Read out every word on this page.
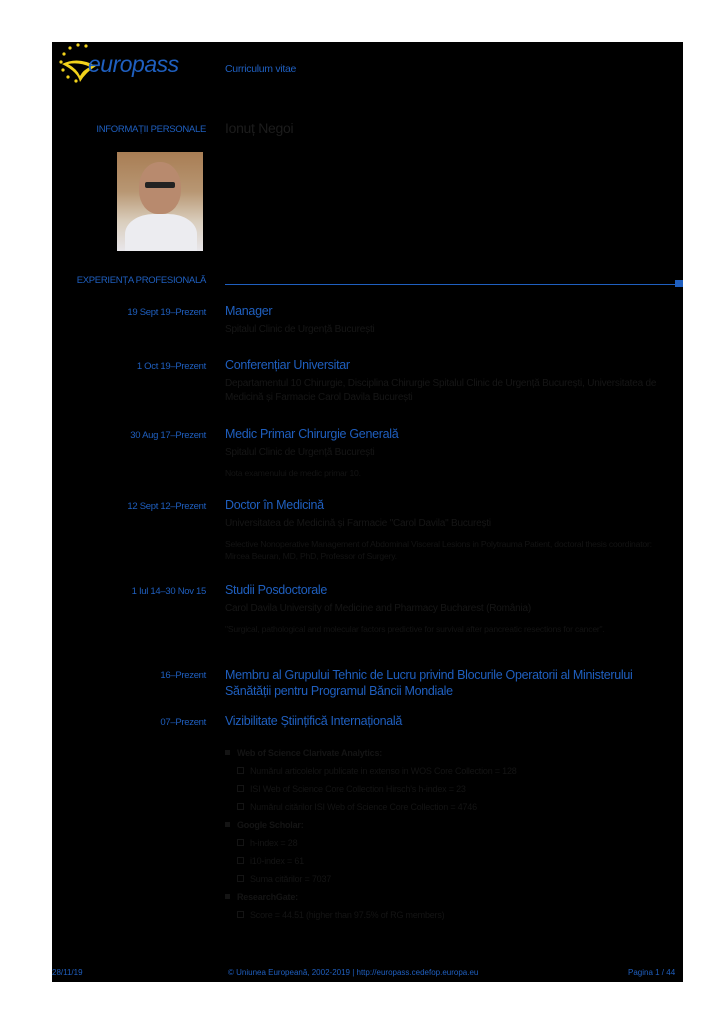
europass	Curriculum vitae
INFORMAȚII PERSONALE Ionuț Negoi
EXPERIENȚA PROFESIONALĂ
19 Sept 19–Prezent Manager
Spitalul Clinic de Urgență București
1 Oct 19–Prezent Conferențiar Universitar
Departamentul 10 Chirurgie, Disciplina Chirurgie Spitalul Clinic de Urgență București, Universitatea de Medicină și Farmacie Carol Davila București
30 Aug 17–Prezent Medic Primar Chirurgie Generală
Spitalul Clinic de Urgență București
Nota examenului de medic primar 10.
12 Sept 12–Prezent Doctor în Medicină
Universitatea de Medicină și Farmacie "Carol Davila" București
Selective Nonoperative Management of Abdominal Visceral Lesions in Polytrauma Patient, doctoral thesis coordinator: Mircea Beuran, MD, PhD, Professor of Surgery.
1 Iul 14–30 Nov 15 Studii Posdoctorale
Carol Davila University of Medicine and Pharmacy Bucharest (România)
"Surgical, pathological and molecular factors predictive for survival after pancreatic resections for cancer".
16–Prezent Membru al Grupului Tehnic de Lucru privind Blocurile Operatorii al Ministerului Sănătății pentru Programul Băncii Mondiale
07–Prezent Vizibilitate Științifică Internațională
Web of Science Clarivate Analytics:
Numărul articolelor publicate in extenso in WOS Core Collection = 128
ISI Web of Science Core Collection Hirsch's h-index = 23
Numărul citărilor ISI Web of Science Core Collection = 4746
Google Scholar:
h-index = 28
i10-index = 61
Suma citărilor = 7037
ResearchGate:
Score = 44.51 (higher than 97.5% of RG members)
28/11/19	© Uniunea Europeană, 2002-2019 | http://europass.cedefop.europa.eu	Pagina 1 / 44
